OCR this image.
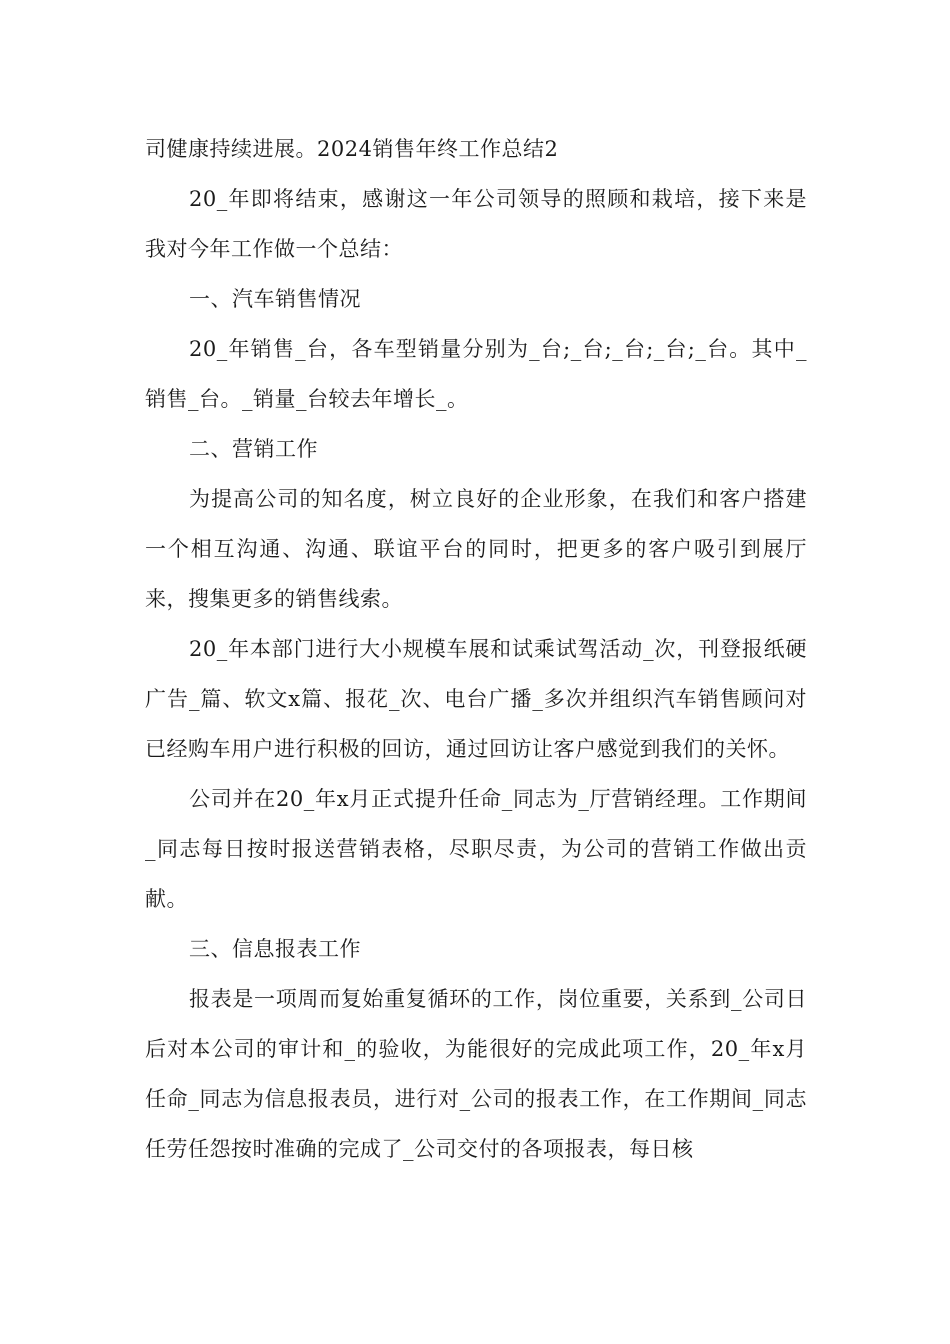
司健康持续进展。2024销售年终工作总结2

20_年即将结束，感谢这一年公司领导的照顾和栽培，接下来是我对今年工作做一个总结：

一、汽车销售情况

20_年销售_台，各车型销量分别为_台;_台;_台;_台;_台。其中_销售_台。_销量_台较去年增长_。

二、营销工作

为提高公司的知名度，树立良好的企业形象，在我们和客户搭建一个相互沟通、沟通、联谊平台的同时，把更多的客户吸引到展厅来，搜集更多的销售线索。

20_年本部门进行大小规模车展和试乘试驾活动_次，刊登报纸硬广告_篇、软文x篇、报花_次、电台广播_多次并组织汽车销售顾问对已经购车用户进行积极的回访，通过回访让客户感觉到我们的关怀。

公司并在20_年x月正式提升任命_同志为_厅营销经理。工作期间_同志每日按时报送营销表格，尽职尽责，为公司的营销工作做出贡献。

三、信息报表工作

报表是一项周而复始重复循环的工作，岗位重要，关系到_公司日后对本公司的审计和_的验收，为能很好的完成此项工作，20_年x月任命_同志为信息报表员，进行对_公司的报表工作，在工作期间_同志任劳任怨按时准确的完成了_公司交付的各项报表，每日核
